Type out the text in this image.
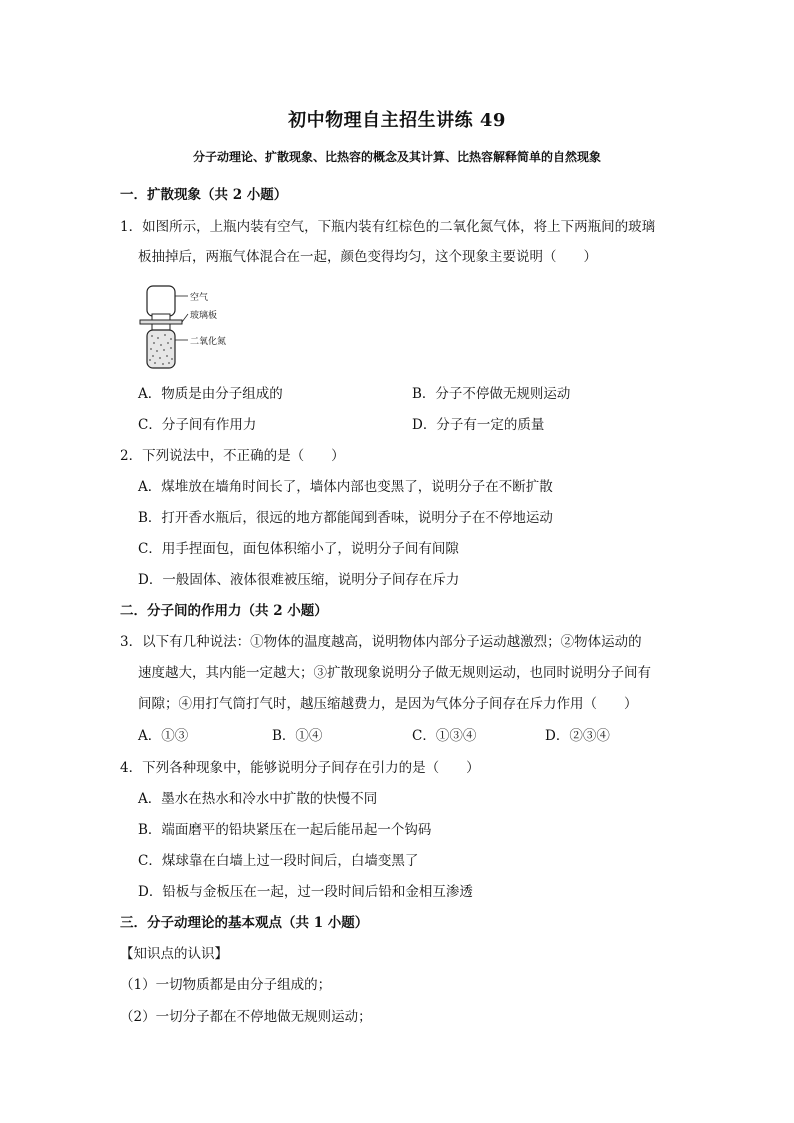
初中物理自主招生讲练 49
分子动理论、扩散现象、比热容的概念及其计算、比热容解释简单的自然现象
一．扩散现象（共 2 小题）
1．如图所示，上瓶内装有空气，下瓶内装有红棕色的二氧化氮气体，将上下两瓶间的玻璃
板抽掉后，两瓶气体混合在一起，颜色变得均匀，这个现象主要说明（　　）
空气
玻璃板
二氧化氮
A．物质是由分子组成的	B．分子不停做无规则运动
C．分子间有作用力	D．分子有一定的质量
2．下列说法中，不正确的是（　　）
A．煤堆放在墙角时间长了，墙体内部也变黑了，说明分子在不断扩散
B．打开香水瓶后，很远的地方都能闻到香味，说明分子在不停地运动
C．用手捏面包，面包体积缩小了，说明分子间有间隙
D．一般固体、液体很难被压缩，说明分子间存在斥力
二．分子间的作用力（共 2 小题）
3．以下有几种说法：①物体的温度越高，说明物体内部分子运动越激烈；②物体运动的
速度越大，其内能一定越大；③扩散现象说明分子做无规则运动，也同时说明分子间有
间隙；④用打气筒打气时，越压缩越费力，是因为气体分子间存在斥力作用（　　）
A．①③	B．①④	C．①③④	D．②③④
4．下列各种现象中，能够说明分子间存在引力的是（　　）
A．墨水在热水和冷水中扩散的快慢不同
B．端面磨平的铅块紧压在一起后能吊起一个钩码
C．煤球靠在白墙上过一段时间后，白墙变黑了
D．铅板与金板压在一起，过一段时间后铅和金相互渗透
三．分子动理论的基本观点（共 1 小题）
【知识点的认识】
（1）一切物质都是由分子组成的；
（2）一切分子都在不停地做无规则运动；
